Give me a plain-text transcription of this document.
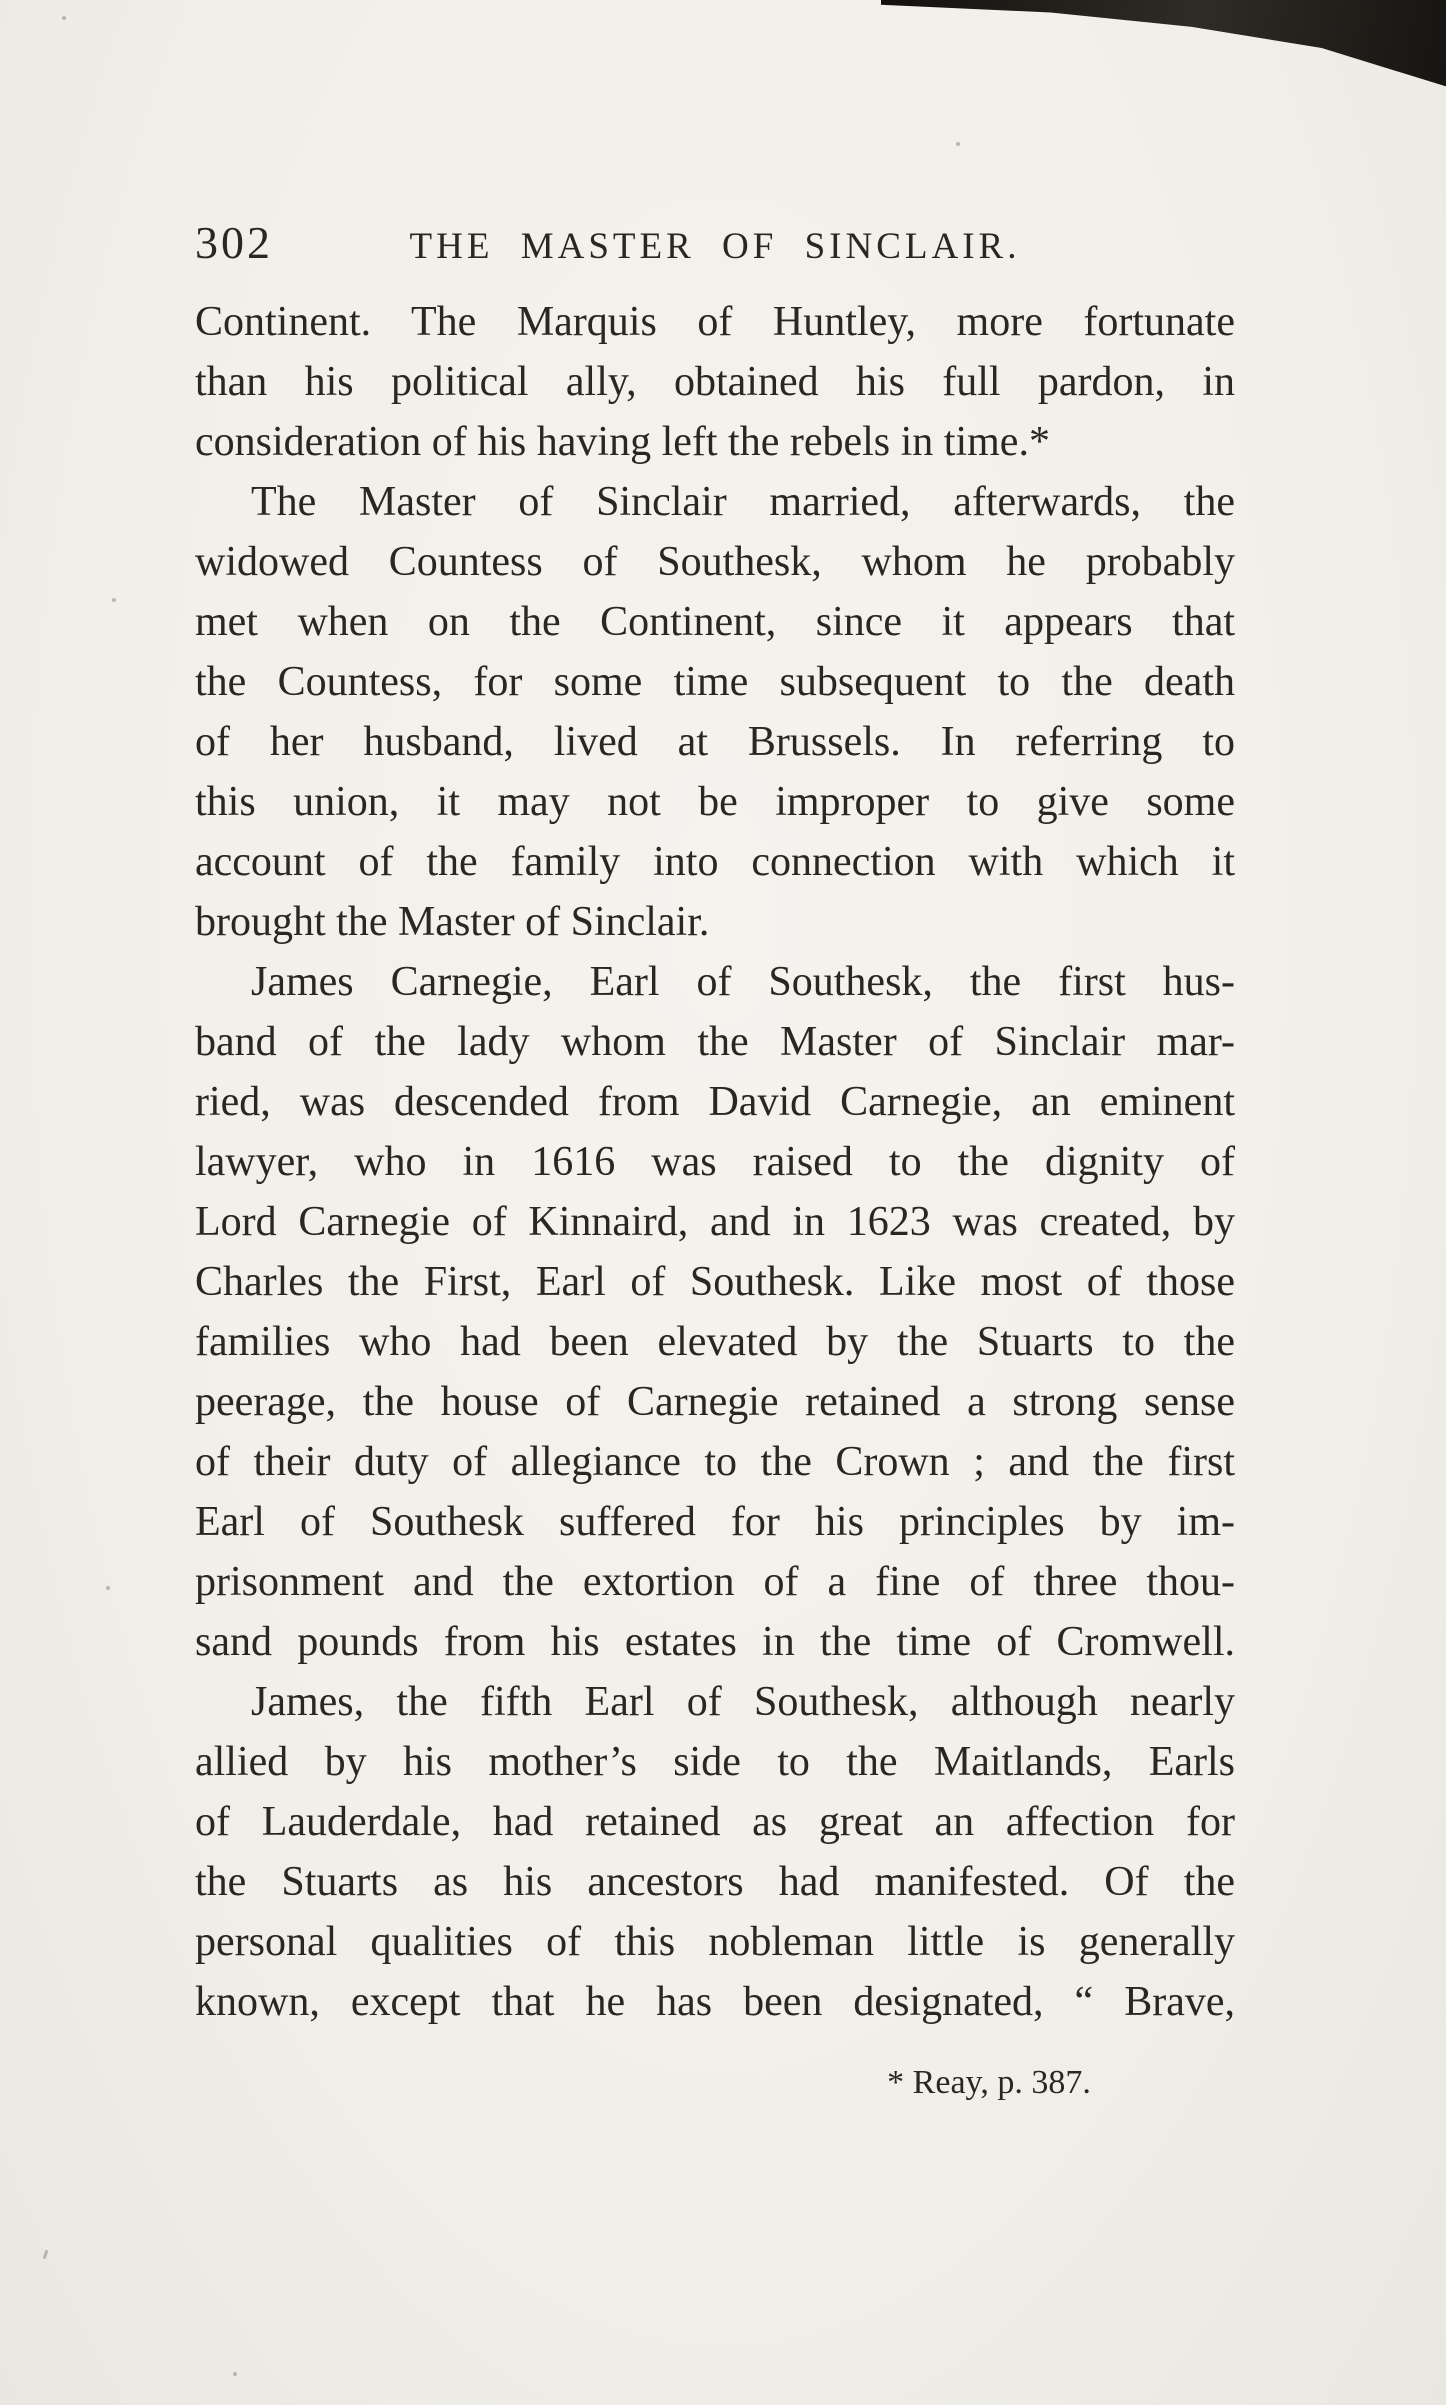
302	THE MASTER OF SINCLAIR.
Continent. The Marquis of Huntley, more fortunate
than his political ally, obtained his full pardon, in
consideration of his having left the rebels in time.*
The Master of Sinclair married, afterwards, the
widowed Countess of Southesk, whom he probably
met when on the Continent, since it appears that
the Countess, for some time subsequent to the death
of her husband, lived at Brussels. In referring to
this union, it may not be improper to give some
account of the family into connection with which it
brought the Master of Sinclair.
James Carnegie, Earl of Southesk, the first hus-
band of the lady whom the Master of Sinclair mar-
ried, was descended from David Carnegie, an eminent
lawyer, who in 1616 was raised to the dignity of
Lord Carnegie of Kinnaird, and in 1623 was created, by
Charles the First, Earl of Southesk. Like most of those
families who had been elevated by the Stuarts to the
peerage, the house of Carnegie retained a strong sense
of their duty of allegiance to the Crown ; and the first
Earl of Southesk suffered for his principles by im-
prisonment and the extortion of a fine of three thou-
sand pounds from his estates in the time of Cromwell.
James, the fifth Earl of Southesk, although nearly
allied by his mother’s side to the Maitlands, Earls
of Lauderdale, had retained as great an affection for
the Stuarts as his ancestors had manifested. Of the
personal qualities of this nobleman little is generally
known, except that he has been designated, “ Brave,
* Reay, p. 387.
